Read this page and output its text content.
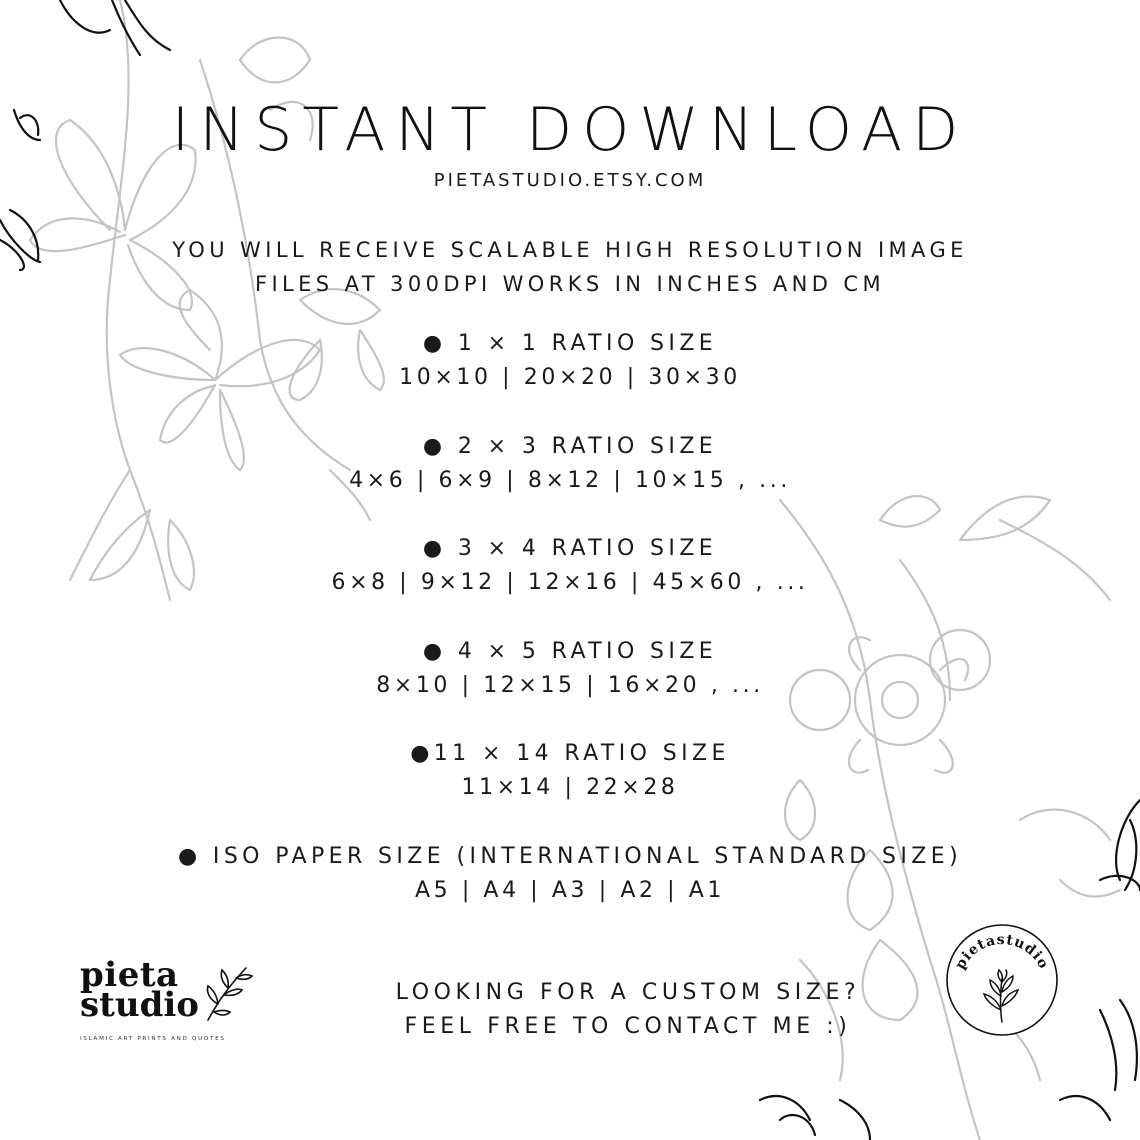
INSTANT DOWNLOAD
PIETASTUDIO.ETSY.COM
YOU WILL RECEIVE SCALABLE HIGH RESOLUTION IMAGE
FILES AT 300DPI WORKS IN INCHES AND CM
● 1 × 1 RATIO SIZE
10×10 | 20×20 | 30×30
● 2 × 3 RATIO SIZE
4×6 | 6×9 | 8×12 | 10×15 , ...
● 3 × 4 RATIO SIZE
6×8 | 9×12 | 12×16 | 45×60 , ...
● 4 × 5 RATIO SIZE
8×10 | 12×15 | 16×20 , ...
●11 × 14 RATIO SIZE
11×14 | 22×28
● ISO PAPER SIZE (INTERNATIONAL STANDARD SIZE)
A5 | A4 | A3 | A2 | A1
LOOKING FOR A CUSTOM SIZE?
FEEL FREE TO CONTACT ME :)
pieta
studio
ISLAMIC ART PRINTS AND QUOTES
pietastudio
